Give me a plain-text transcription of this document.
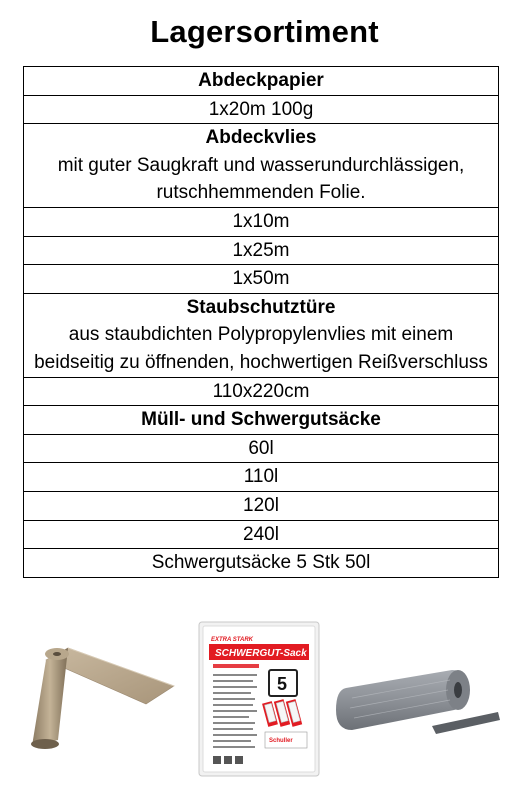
Lagersortiment
Abdeckpapier
1x20m 100g
Abdeckvlies
mit guter Saugkraft und wasserundurchlässigen, rutschhemmenden Folie.

1x10m
1x25m
1x50m
Staubschutztüre
aus staubdichten Polypropylenvlies mit einem beidseitig zu öffnenden, hochwertigen Reißverschluss

110x220cm
Müll- und Schwergutsäcke
60l
110l
120l
240l
Schwergutsäcke 5 Stk 50l
EXTRA STARK
SCHWERGUT-Sack
5
Schuller
